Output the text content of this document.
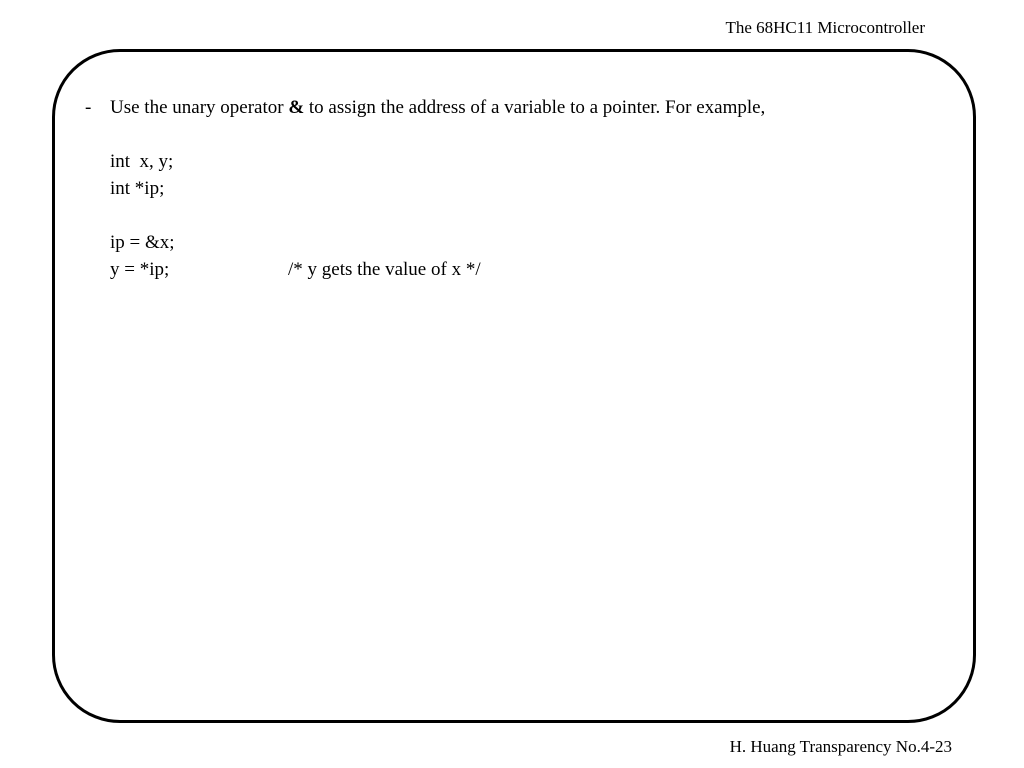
The 68HC11 Microcontroller
- Use the unary operator & to assign the address of a variable to a pointer. For example,
int  x, y;
int *ip;
ip = &x;
y = *ip;	/* y gets the value of x */
H. Huang Transparency No.4-23
